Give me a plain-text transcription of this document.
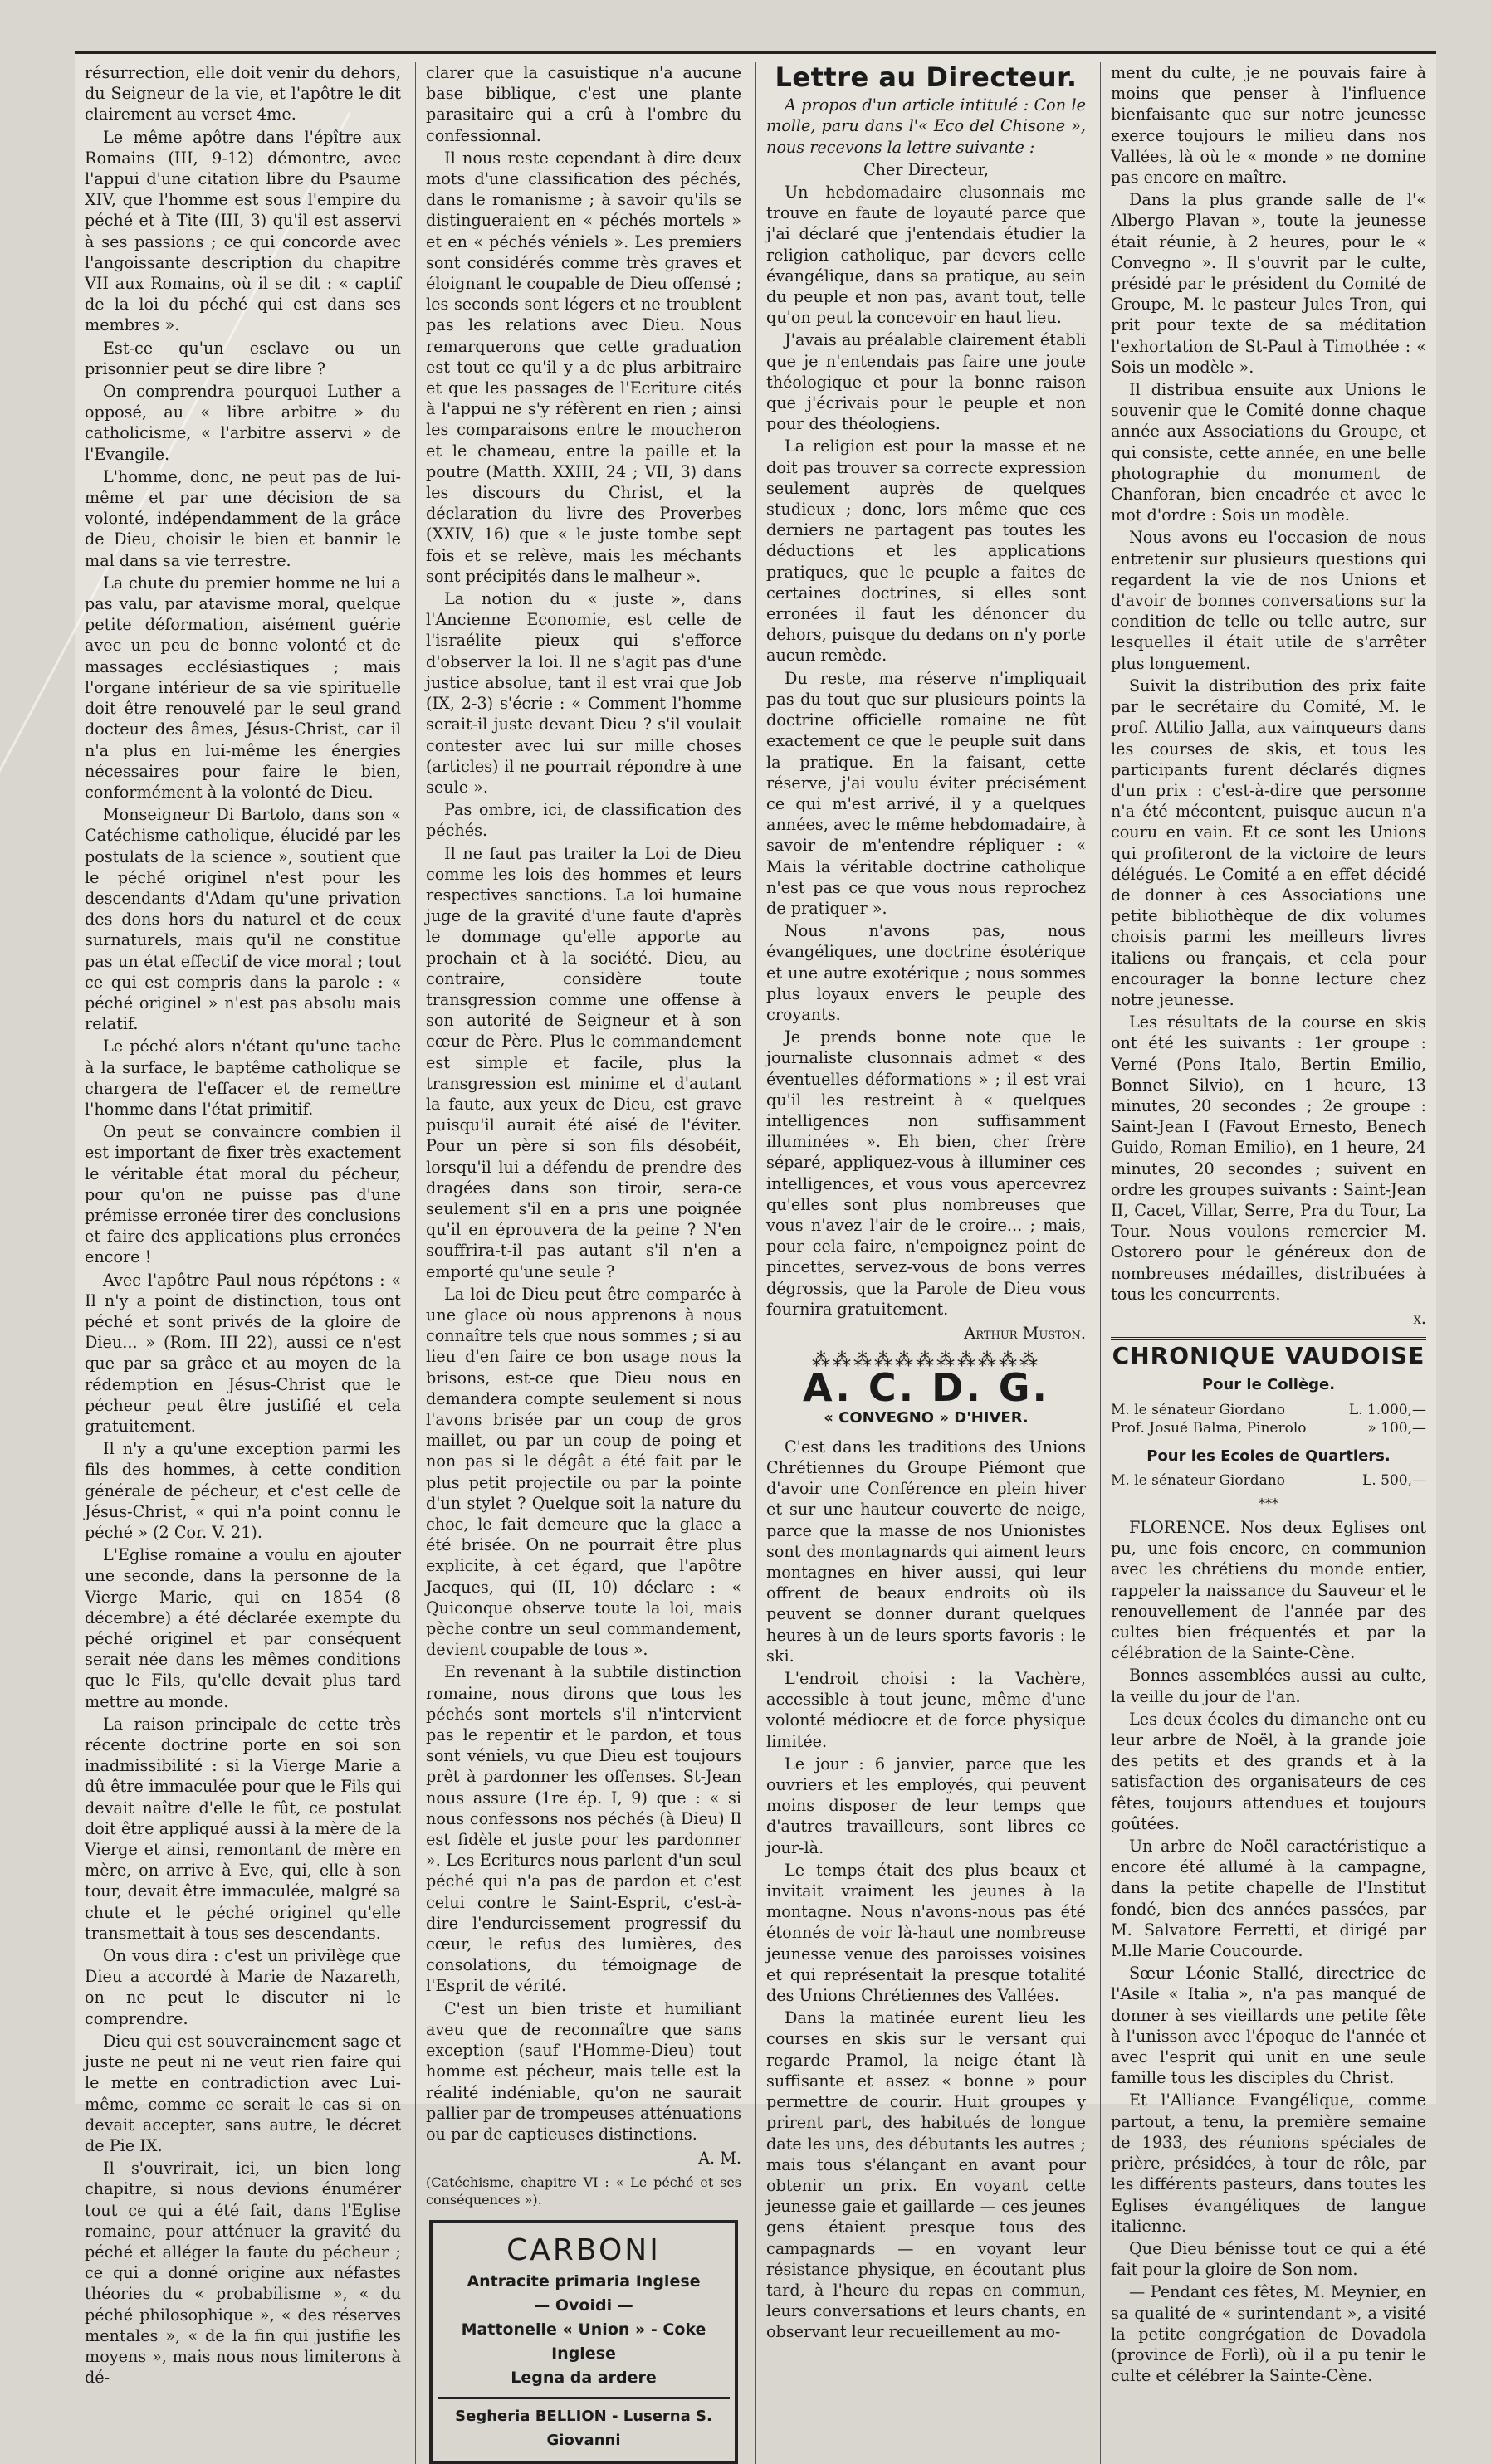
résurrection, elle doit venir du dehors, du Seigneur de la vie, et l'apôtre le dit clairement au verset 4me.

Le même apôtre dans l'épître aux Romains (III, 9-12) démontre, avec l'appui d'une citation libre du Psaume XIV, que l'homme est sous l'empire du péché et à Tite (III, 3) qu'il est asservi à ses passions ; ce qui concorde avec l'angoissante description du chapitre VII aux Romains, où il se dit : « captif de la loi du péché qui est dans ses membres ».

Est-ce qu'un esclave ou un prisonnier peut se dire libre ?

On comprendra pourquoi Luther a opposé, au « libre arbitre » du catholicisme, « l'arbitre asservi » de l'Evangile.

L'homme, donc, ne peut pas de lui-même et par une décision de sa volonté, indépendamment de la grâce de Dieu, choisir le bien et bannir le mal dans sa vie terrestre.

La chute du premier homme ne lui a pas valu, par atavisme moral, quelque petite déformation, aisément guérie avec un peu de bonne volonté et de massages ecclésiastiques ; mais l'organe intérieur de sa vie spirituelle doit être renouvelé par le seul grand docteur des âmes, Jésus-Christ, car il n'a plus en lui-même les énergies nécessaires pour faire le bien, conformément à la volonté de Dieu.

Monseigneur Di Bartolo, dans son « Catéchisme catholique, élucidé par les postulats de la science », soutient que le péché originel n'est pour les descendants d'Adam qu'une privation des dons hors du naturel et de ceux surnaturels, mais qu'il ne constitue pas un état effectif de vice moral ; tout ce qui est compris dans la parole : « péché originel » n'est pas absolu mais relatif.

Le péché alors n'étant qu'une tache à la surface, le baptême catholique se chargera de l'effacer et de remettre l'homme dans l'état primitif.

On peut se convaincre combien il est important de fixer très exactement le véritable état moral du pécheur, pour qu'on ne puisse pas d'une prémisse erronée tirer des conclusions et faire des applications plus erronées encore !

Avec l'apôtre Paul nous répétons : « Il n'y a point de distinction, tous ont péché et sont privés de la gloire de Dieu... » (Rom. III 22), aussi ce n'est que par sa grâce et au moyen de la rédemption en Jésus-Christ que le pécheur peut être justifié et cela gratuitement.

Il n'y a qu'une exception parmi les fils des hommes, à cette condition générale de pécheur, et c'est celle de Jésus-Christ, « qui n'a point connu le péché » (2 Cor. V. 21).

L'Eglise romaine a voulu en ajouter une seconde, dans la personne de la Vierge Marie, qui en 1854 (8 décembre) a été déclarée exempte du péché originel et par conséquent serait née dans les mêmes conditions que le Fils, qu'elle devait plus tard mettre au monde.

La raison principale de cette très récente doctrine porte en soi son inadmissibilité : si la Vierge Marie a dû être immaculée pour que le Fils qui devait naître d'elle le fût, ce postulat doit être appliqué aussi à la mère de la Vierge et ainsi, remontant de mère en mère, on arrive à Eve, qui, elle à son tour, devait être immaculée, malgré sa chute et le péché originel qu'elle transmettait à tous ses descendants.

On vous dira : c'est un privilège que Dieu a accordé à Marie de Nazareth, on ne peut le discuter ni le comprendre.

Dieu qui est souverainement sage et juste ne peut ni ne veut rien faire qui le mette en contradiction avec Lui-même, comme ce serait le cas si on devait accepter, sans autre, le décret de Pie IX.

Il s'ouvrirait, ici, un bien long chapitre, si nous devions énumérer tout ce qui a été fait, dans l'Eglise romaine, pour atténuer la gravité du péché et alléger la faute du pécheur ; ce qui a donné origine aux néfastes théories du « probabilisme », « du péché philosophique », « des réserves mentales », « de la fin qui justifie les moyens », mais nous nous limiterons à dé-

clarer que la casuistique n'a aucune base biblique, c'est une plante parasitaire qui a crû à l'ombre du confessionnal.

Il nous reste cependant à dire deux mots d'une classification des péchés, dans le romanisme ; à savoir qu'ils se distingueraient en « péchés mortels » et en « péchés véniels ». Les premiers sont considérés comme très graves et éloignant le coupable de Dieu offensé ; les seconds sont légers et ne troublent pas les relations avec Dieu. Nous remarquerons que cette graduation est tout ce qu'il y a de plus arbitraire et que les passages de l'Ecriture cités à l'appui ne s'y réfèrent en rien ; ainsi les comparaisons entre le moucheron et le chameau, entre la paille et la poutre (Matth. XXIII, 24 ; VII, 3) dans les discours du Christ, et la déclaration du livre des Proverbes (XXIV, 16) que « le juste tombe sept fois et se relève, mais les méchants sont précipités dans le malheur ».

La notion du « juste », dans l'Ancienne Economie, est celle de l'israélite pieux qui s'efforce d'observer la loi. Il ne s'agit pas d'une justice absolue, tant il est vrai que Job (IX, 2-3) s'écrie : « Comment l'homme serait-il juste devant Dieu ? s'il voulait contester avec lui sur mille choses (articles) il ne pourrait répondre à une seule ».

Pas ombre, ici, de classification des péchés.

Il ne faut pas traiter la Loi de Dieu comme les lois des hommes et leurs respectives sanctions. La loi humaine juge de la gravité d'une faute d'après le dommage qu'elle apporte au prochain et à la société. Dieu, au contraire, considère toute transgression comme une offense à son autorité de Seigneur et à son cœur de Père. Plus le commandement est simple et facile, plus la transgression est minime et d'autant la faute, aux yeux de Dieu, est grave puisqu'il aurait été aisé de l'éviter. Pour un père si son fils désobéit, lorsqu'il lui a défendu de prendre des dragées dans son tiroir, sera-ce seulement s'il en a pris une poignée qu'il en éprouvera de la peine ? N'en souffrira-t-il pas autant s'il n'en a emporté qu'une seule ?

La loi de Dieu peut être comparée à une glace où nous apprenons à nous connaître tels que nous sommes ; si au lieu d'en faire ce bon usage nous la brisons, est-ce que Dieu nous en demandera compte seulement si nous l'avons brisée par un coup de gros maillet, ou par un coup de poing et non pas si le dégât a été fait par le plus petit projectile ou par la pointe d'un stylet ? Quelque soit la nature du choc, le fait demeure que la glace a été brisée. On ne pourrait être plus explicite, à cet égard, que l'apôtre Jacques, qui (II, 10) déclare : « Quiconque observe toute la loi, mais pèche contre un seul commandement, devient coupable de tous ».

En revenant à la subtile distinction romaine, nous dirons que tous les péchés sont mortels s'il n'intervient pas le repentir et le pardon, et tous sont véniels, vu que Dieu est toujours prêt à pardonner les offenses. St-Jean nous assure (1re ép. I, 9) que : « si nous confessons nos péchés (à Dieu) Il est fidèle et juste pour les pardonner ». Les Ecritures nous parlent d'un seul péché qui n'a pas de pardon et c'est celui contre le Saint-Esprit, c'est-à-dire l'endurcissement progressif du cœur, le refus des lumières, des consolations, du témoignage de l'Esprit de vérité.

C'est un bien triste et humiliant aveu que de reconnaître que sans exception (sauf l'Homme-Dieu) tout homme est pécheur, mais telle est la réalité indéniable, qu'on ne saurait pallier par de trompeuses atténuations ou par de captieuses distinctions.

A. M.
(Catéchisme, chapitre VI : « Le péché et ses conséquences »).
CARBONI
Antracite primaria Inglese
— Ovoidi —
Mattonelle « Union » - Coke Inglese
Legna da ardere
Segheria BELLION - Luserna S. Giovanni
Lettre au Directeur.

A propos d'un article intitulé : Con le molle, paru dans l'« Eco del Chisone », nous recevons la lettre suivante :

Cher Directeur,

Un hebdomadaire clusonnais me trouve en faute de loyauté parce que j'ai déclaré que j'entendais étudier la religion catholique, par devers celle évangélique, dans sa pratique, au sein du peuple et non pas, avant tout, telle qu'on peut la concevoir en haut lieu.

J'avais au préalable clairement établi que je n'entendais pas faire une joute théologique et pour la bonne raison que j'écrivais pour le peuple et non pour des théologiens.

La religion est pour la masse et ne doit pas trouver sa correcte expression seulement auprès de quelques studieux ; donc, lors même que ces derniers ne partagent pas toutes les déductions et les applications pratiques, que le peuple a faites de certaines doctrines, si elles sont erronées il faut les dénoncer du dehors, puisque du dedans on n'y porte aucun remède.

Du reste, ma réserve n'impliquait pas du tout que sur plusieurs points la doctrine officielle romaine ne fût exactement ce que le peuple suit dans la pratique. En la faisant, cette réserve, j'ai voulu éviter précisément ce qui m'est arrivé, il y a quelques années, avec le même hebdomadaire, à savoir de m'entendre répliquer : « Mais la véritable doctrine catholique n'est pas ce que vous nous reprochez de pratiquer ».

Nous n'avons pas, nous évangéliques, une doctrine ésotérique et une autre exotérique ; nous sommes plus loyaux envers le peuple des croyants.

Je prends bonne note que le journaliste clusonnais admet « des éventuelles déformations » ; il est vrai qu'il les restreint à « quelques intelligences non suffisamment illuminées ». Eh bien, cher frère séparé, appliquez-vous à illuminer ces intelligences, et vous vous apercevrez qu'elles sont plus nombreuses que vous n'avez l'air de le croire... ; mais, pour cela faire, n'empoignez point de pincettes, servez-vous de bons verres dégrossis, que la Parole de Dieu vous fournira gratuitement.

Arthur Muston.
⁂⁂⁂⁂⁂⁂⁂⁂⁂⁂⁂
A. C. D. G.
« CONVEGNO » D'HIVER.

C'est dans les traditions des Unions Chrétiennes du Groupe Piémont que d'avoir une Conférence en plein hiver et sur une hauteur couverte de neige, parce que la masse de nos Unionistes sont des montagnards qui aiment leurs montagnes en hiver aussi, qui leur offrent de beaux endroits où ils peuvent se donner durant quelques heures à un de leurs sports favoris : le ski.

L'endroit choisi : la Vachère, accessible à tout jeune, même d'une volonté médiocre et de force physique limitée.

Le jour : 6 janvier, parce que les ouvriers et les employés, qui peuvent moins disposer de leur temps que d'autres travailleurs, sont libres ce jour-là.

Le temps était des plus beaux et invitait vraiment les jeunes à la montagne. Nous n'avons-nous pas été étonnés de voir là-haut une nombreuse jeunesse venue des paroisses voisines et qui représentait la presque totalité des Unions Chrétiennes des Vallées.

Dans la matinée eurent lieu les courses en skis sur le versant qui regarde Pramol, la neige étant là suffisante et assez « bonne » pour permettre de courir. Huit groupes y prirent part, des habitués de longue date les uns, des débutants les autres ; mais tous s'élançant en avant pour obtenir un prix. En voyant cette jeunesse gaie et gaillarde — ces jeunes gens étaient presque tous des campagnards — en voyant leur résistance physique, en écoutant plus tard, à l'heure du repas en commun, leurs conversations et leurs chants, en observant leur recueillement au mo-

ment du culte, je ne pouvais faire à moins que penser à l'influence bienfaisante que sur notre jeunesse exerce toujours le milieu dans nos Vallées, là où le « monde » ne domine pas encore en maître.

Dans la plus grande salle de l'« Albergo Plavan », toute la jeunesse était réunie, à 2 heures, pour le « Convegno ». Il s'ouvrit par le culte, présidé par le président du Comité de Groupe, M. le pasteur Jules Tron, qui prit pour texte de sa méditation l'exhortation de St-Paul à Timothée : « Sois un modèle ».

Il distribua ensuite aux Unions le souvenir que le Comité donne chaque année aux Associations du Groupe, et qui consiste, cette année, en une belle photographie du monument de Chanforan, bien encadrée et avec le mot d'ordre : Sois un modèle.

Nous avons eu l'occasion de nous entretenir sur plusieurs questions qui regardent la vie de nos Unions et d'avoir de bonnes conversations sur la condition de telle ou telle autre, sur lesquelles il était utile de s'arrêter plus longuement.

Suivit la distribution des prix faite par le secrétaire du Comité, M. le prof. Attilio Jalla, aux vainqueurs dans les courses de skis, et tous les participants furent déclarés dignes d'un prix : c'est-à-dire que personne n'a été mécontent, puisque aucun n'a couru en vain. Et ce sont les Unions qui profiteront de la victoire de leurs délégués. Le Comité a en effet décidé de donner à ces Associations une petite bibliothèque de dix volumes choisis parmi les meilleurs livres italiens ou français, et cela pour encourager la bonne lecture chez notre jeunesse.

Les résultats de la course en skis ont été les suivants : 1er groupe : Verné (Pons Italo, Bertin Emilio, Bonnet Silvio), en 1 heure, 13 minutes, 20 secondes ; 2e groupe : Saint-Jean I (Favout Ernesto, Benech Guido, Roman Emilio), en 1 heure, 24 minutes, 20 secondes ; suivent en ordre les groupes suivants : Saint-Jean II, Cacet, Villar, Serre, Pra du Tour, La Tour. Nous voulons remercier M. Ostorero pour le généreux don de nombreuses médailles, distribuées à tous les concurrents.

x.
CHRONIQUE VAUDOISE
Pour le Collège.
M. le sénateur Giordano	L. 1.000,—
Prof. Josué Balma, Pinerolo	» 100,—
Pour les Ecoles de Quartiers.
M. le sénateur Giordano	L. 500,—
***

FLORENCE. Nos deux Eglises ont pu, une fois encore, en communion avec les chrétiens du monde entier, rappeler la naissance du Sauveur et le renouvellement de l'année par des cultes bien fréquentés et par la célébration de la Sainte-Cène.

Bonnes assemblées aussi au culte, la veille du jour de l'an.

Les deux écoles du dimanche ont eu leur arbre de Noël, à la grande joie des petits et des grands et à la satisfaction des organisateurs de ces fêtes, toujours attendues et toujours goûtées.

Un arbre de Noël caractéristique a encore été allumé à la campagne, dans la petite chapelle de l'Institut fondé, bien des années passées, par M. Salvatore Ferretti, et dirigé par M.lle Marie Coucourde.

Sœur Léonie Stallé, directrice de l'Asile « Italia », n'a pas manqué de donner à ses vieillards une petite fête à l'unisson avec l'époque de l'année et avec l'esprit qui unit en une seule famille tous les disciples du Christ.

Et l'Alliance Evangélique, comme partout, a tenu, la première semaine de 1933, des réunions spéciales de prière, présidées, à tour de rôle, par les différents pasteurs, dans toutes les Eglises évangéliques de langue italienne.

Que Dieu bénisse tout ce qui a été fait pour la gloire de Son nom.

— Pendant ces fêtes, M. Meynier, en sa qualité de « surintendant », a visité la petite congrégation de Dovadola (province de Forlì), où il a pu tenir le culte et célébrer la Sainte-Cène.
